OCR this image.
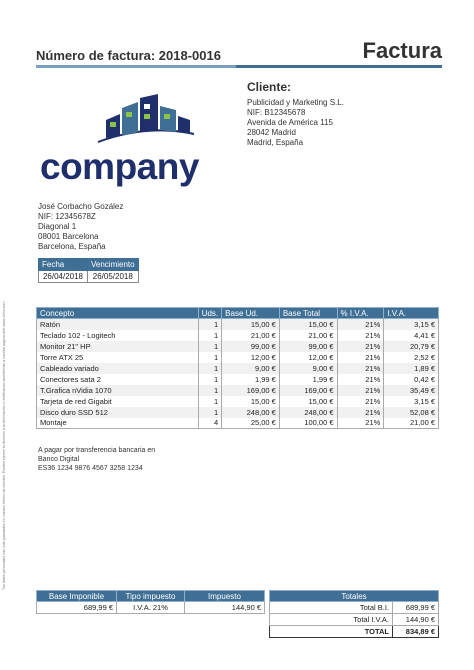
Tus datos personales han sido guardados en nuestro fichero de clientes. Puedes ejercer tu derecho a la eliminación o rectificación accediendo a nuestra página web www.v2mo.com
Número de factura: 2018-0016	Factura
company
Cliente:
Publicidad y Marketing S.L.
NIF: B12345678
Avenida de América 115
28042 Madrid
Madrid, España
José Corbacho Gozález
NIF: 12345678Z
Diagonal 1
08001 Barcelona
Barcelona, España
Fecha	Vencimiento
26/04/2018	26/05/2018
Concepto	Uds.	Base Ud.	Base Total	% I.V.A.	I.V.A.
Ratón	1	15,00 €	15,00 €	21%	3,15 €
Teclado 102 - Logitech	1	21,00 €	21,00 €	21%	4,41 €
Monitor 21" HP	1	99,00 €	99,00 €	21%	20,79 €
Torre ATX 25	1	12,00 €	12,00 €	21%	2,52 €
Cableado variado	1	9,00 €	9,00 €	21%	1,89 €
Conectores sata 2	1	1,99 €	1,99 €	21%	0,42 €
T.Grafica nVidia 1070	1	169,00 €	169,00 €	21%	35,49 €
Tarjeta de red Gigabit	1	15,00 €	15,00 €	21%	3,15 €
Disco duro SSD 512	1	248,00 €	248,00 €	21%	52,08 €
Montaje	4	25,00 €	100,00 €	21%	21,00 €
A pagar por transferencia bancaria en
Banco Digital
ES36 1234 9876 4567 3258 1234
Base Imponible	Tipo impuesto	Impuesto
689,99 €	I.V.A. 21%	144,90 €
Totales	
Total B.I.	689,99 €
Total I.V.A.	144,90 €
TOTAL	834,89 €
